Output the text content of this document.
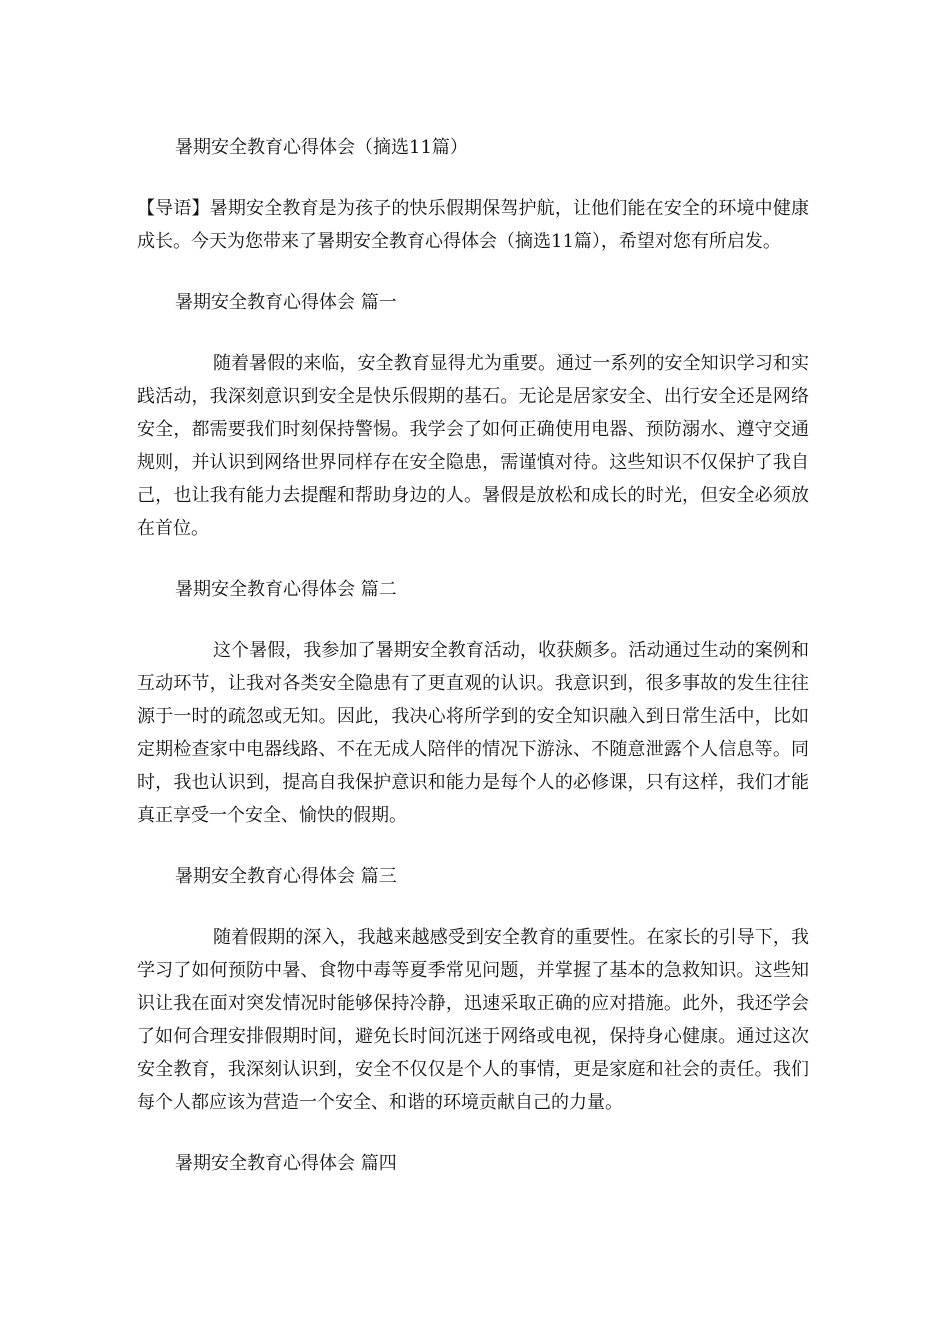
暑期安全教育心得体会（摘选11篇）

【导语】暑期安全教育是为孩子的快乐假期保驾护航，让他们能在安全的环境中健康成长。今天为您带来了暑期安全教育心得体会（摘选11篇），希望对您有所启发。

暑期安全教育心得体会 篇一

随着暑假的来临，安全教育显得尤为重要。通过一系列的安全知识学习和实践活动，我深刻意识到安全是快乐假期的基石。无论是居家安全、出行安全还是网络安全，都需要我们时刻保持警惕。我学会了如何正确使用电器、预防溺水、遵守交通规则，并认识到网络世界同样存在安全隐患，需谨慎对待。这些知识不仅保护了我自己，也让我有能力去提醒和帮助身边的人。暑假是放松和成长的时光，但安全必须放在首位。

暑期安全教育心得体会 篇二

这个暑假，我参加了暑期安全教育活动，收获颇多。活动通过生动的案例和互动环节，让我对各类安全隐患有了更直观的认识。我意识到，很多事故的发生往往源于一时的疏忽或无知。因此，我决心将所学到的安全知识融入到日常生活中，比如定期检查家中电器线路、不在无成人陪伴的情况下游泳、不随意泄露个人信息等。同时，我也认识到，提高自我保护意识和能力是每个人的必修课，只有这样，我们才能真正享受一个安全、愉快的假期。

暑期安全教育心得体会 篇三

随着假期的深入，我越来越感受到安全教育的重要性。在家长的引导下，我学习了如何预防中暑、食物中毒等夏季常见问题，并掌握了基本的急救知识。这些知识让我在面对突发情况时能够保持冷静，迅速采取正确的应对措施。此外，我还学会了如何合理安排假期时间，避免长时间沉迷于网络或电视，保持身心健康。通过这次安全教育，我深刻认识到，安全不仅仅是个人的事情，更是家庭和社会的责任。我们每个人都应该为营造一个安全、和谐的环境贡献自己的力量。

暑期安全教育心得体会 篇四
